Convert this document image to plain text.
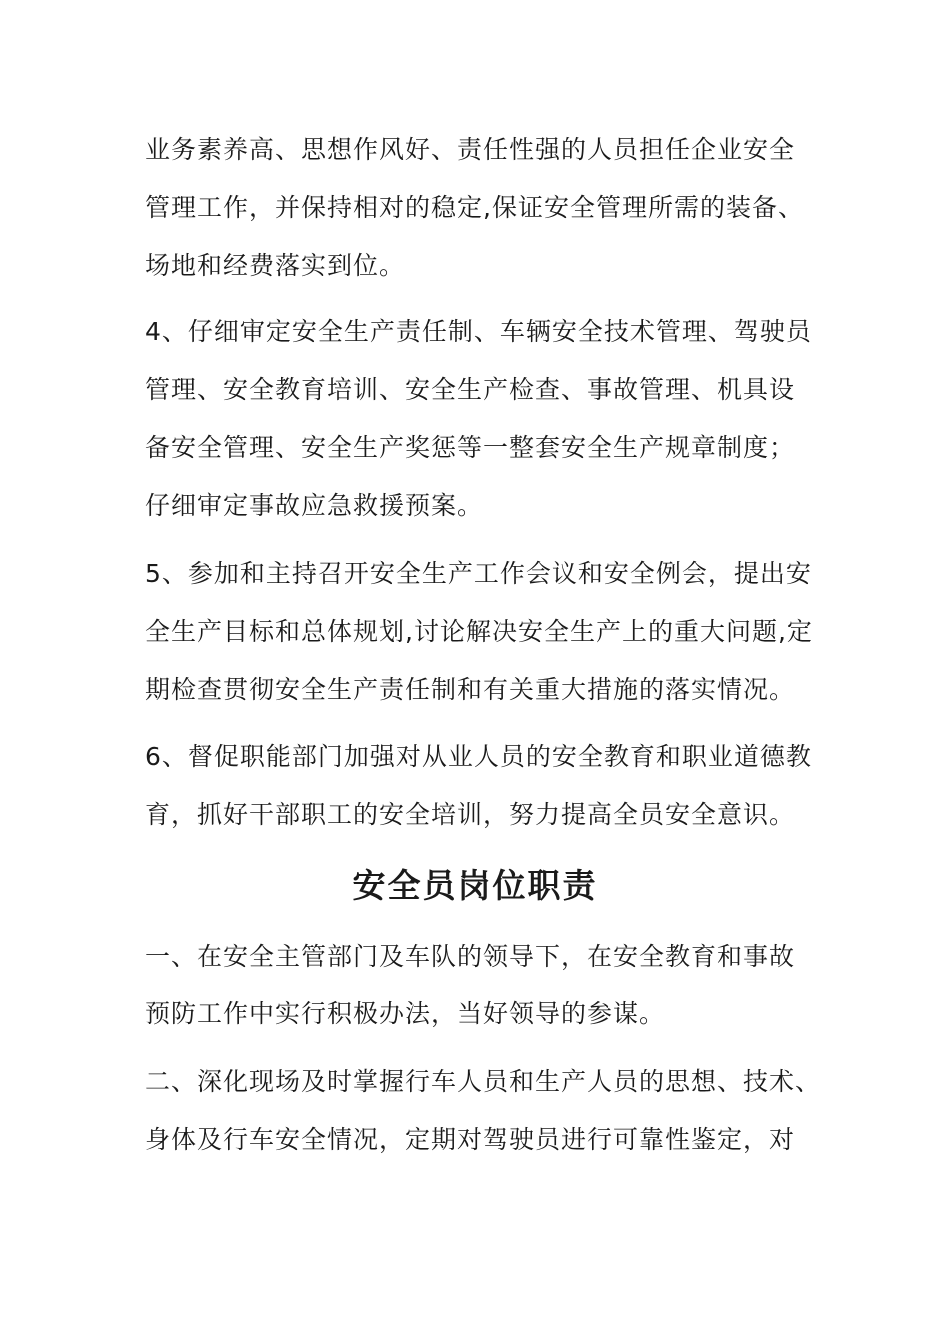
业务素养高、思想作风好、责任性强的人员担任企业安全
管理工作，并保持相对的稳定,保证安全管理所需的装备、
场地和经费落实到位。
4、仔细审定安全生产责任制、车辆安全技术管理、驾驶员
管理、安全教育培训、安全生产检查、事故管理、机具设
备安全管理、安全生产奖惩等一整套安全生产规章制度；
仔细审定事故应急救援预案。
5、参加和主持召开安全生产工作会议和安全例会，提出安
全生产目标和总体规划,讨论解决安全生产上的重大问题,定
期检查贯彻安全生产责任制和有关重大措施的落实情况。
6、督促职能部门加强对从业人员的安全教育和职业道德教
育，抓好干部职工的安全培训，努力提高全员安全意识。
安全员岗位职责
一、在安全主管部门及车队的领导下，在安全教育和事故
预防工作中实行积极办法，当好领导的参谋。
二、深化现场及时掌握行车人员和生产人员的思想、技术、
身体及行车安全情况，定期对驾驶员进行可靠性鉴定，对
